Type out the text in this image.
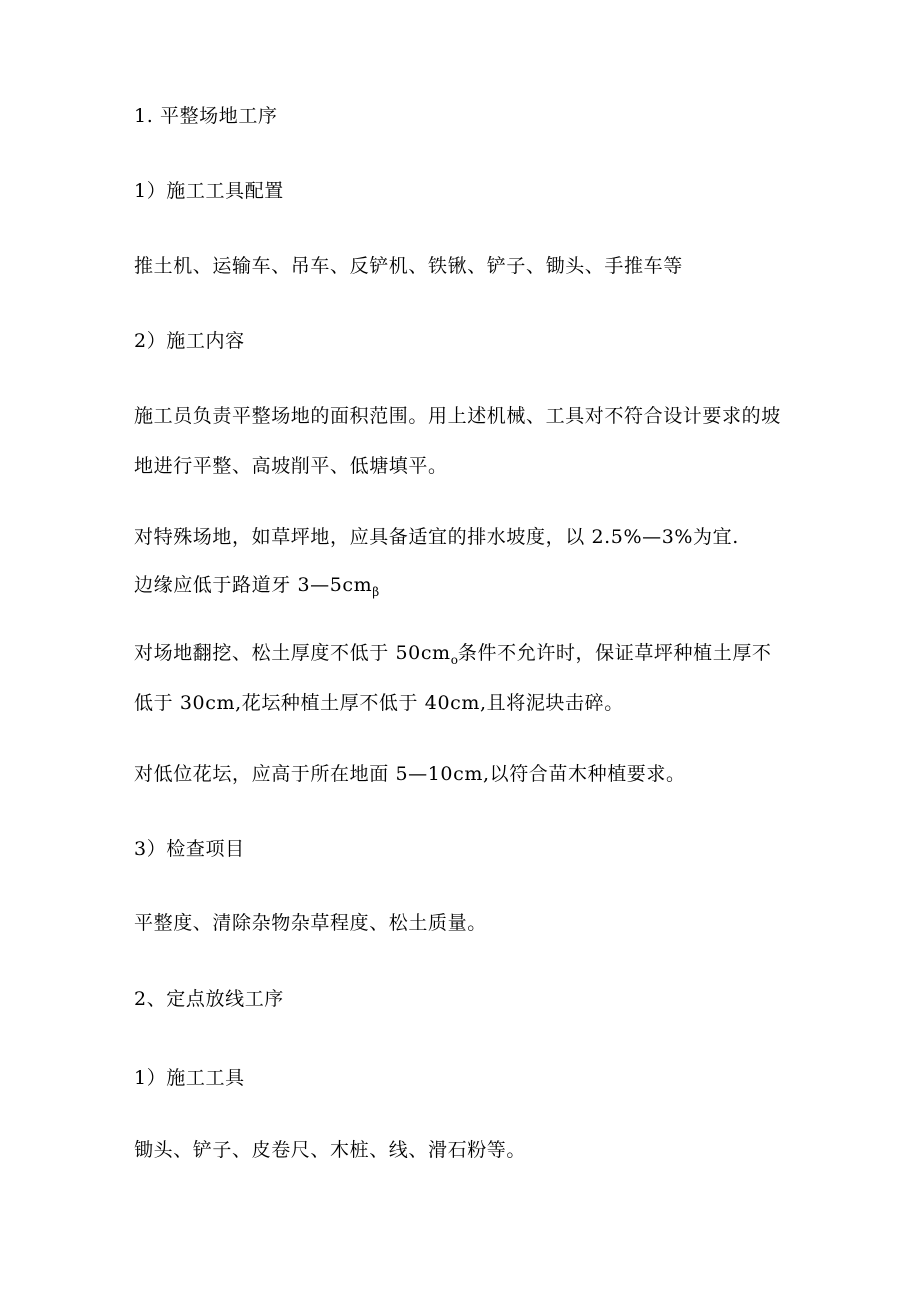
1. 平整场地工序
1）施工工具配置
推土机、运输车、吊车、反铲机、铁锹、铲子、锄头、手推车等
2）施工内容
施工员负责平整场地的面积范围。用上述机械、工具对不符合设计要求的坡
地进行平整、高坡削平、低塘填平。
对特殊场地，如草坪地，应具备适宜的排水坡度，以 2.5%—3%为宜.
边缘应低于路道牙 $3—5cm_\beta$
对场地翻挖、松土厚度不低于 $50cm_o$条件不允许时，保证草坪种植土厚不
低于 30cm,花坛种植土厚不低于 40cm,且将泥块击碎。
对低位花坛，应高于所在地面 5—10cm,以符合苗木种植要求。
3）检查项目
平整度、清除杂物杂草程度、松土质量。
2、定点放线工序
1）施工工具
锄头、铲子、皮卷尺、木桩、线、滑石粉等。
